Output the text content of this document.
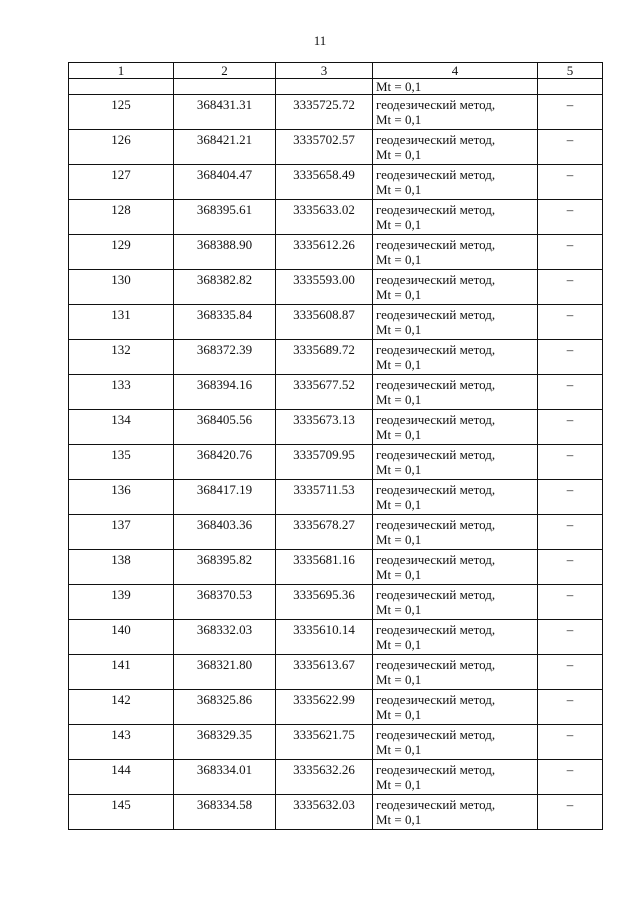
11
1	2	3	4	5
			Mt = 0,1	
125	368431.31	3335725.72	геодезический метод,
Mt = 0,1	–
126	368421.21	3335702.57	геодезический метод,
Mt = 0,1	–
127	368404.47	3335658.49	геодезический метод,
Mt = 0,1	–
128	368395.61	3335633.02	геодезический метод,
Mt = 0,1	–
129	368388.90	3335612.26	геодезический метод,
Mt = 0,1	–
130	368382.82	3335593.00	геодезический метод,
Mt = 0,1	–
131	368335.84	3335608.87	геодезический метод,
Mt = 0,1	–
132	368372.39	3335689.72	геодезический метод,
Mt = 0,1	–
133	368394.16	3335677.52	геодезический метод,
Mt = 0,1	–
134	368405.56	3335673.13	геодезический метод,
Mt = 0,1	–
135	368420.76	3335709.95	геодезический метод,
Mt = 0,1	–
136	368417.19	3335711.53	геодезический метод,
Mt = 0,1	–
137	368403.36	3335678.27	геодезический метод,
Mt = 0,1	–
138	368395.82	3335681.16	геодезический метод,
Mt = 0,1	–
139	368370.53	3335695.36	геодезический метод,
Mt = 0,1	–
140	368332.03	3335610.14	геодезический метод,
Mt = 0,1	–
141	368321.80	3335613.67	геодезический метод,
Mt = 0,1	–
142	368325.86	3335622.99	геодезический метод,
Mt = 0,1	–
143	368329.35	3335621.75	геодезический метод,
Mt = 0,1	–
144	368334.01	3335632.26	геодезический метод,
Mt = 0,1	–
145	368334.58	3335632.03	геодезический метод,
Mt = 0,1	–
